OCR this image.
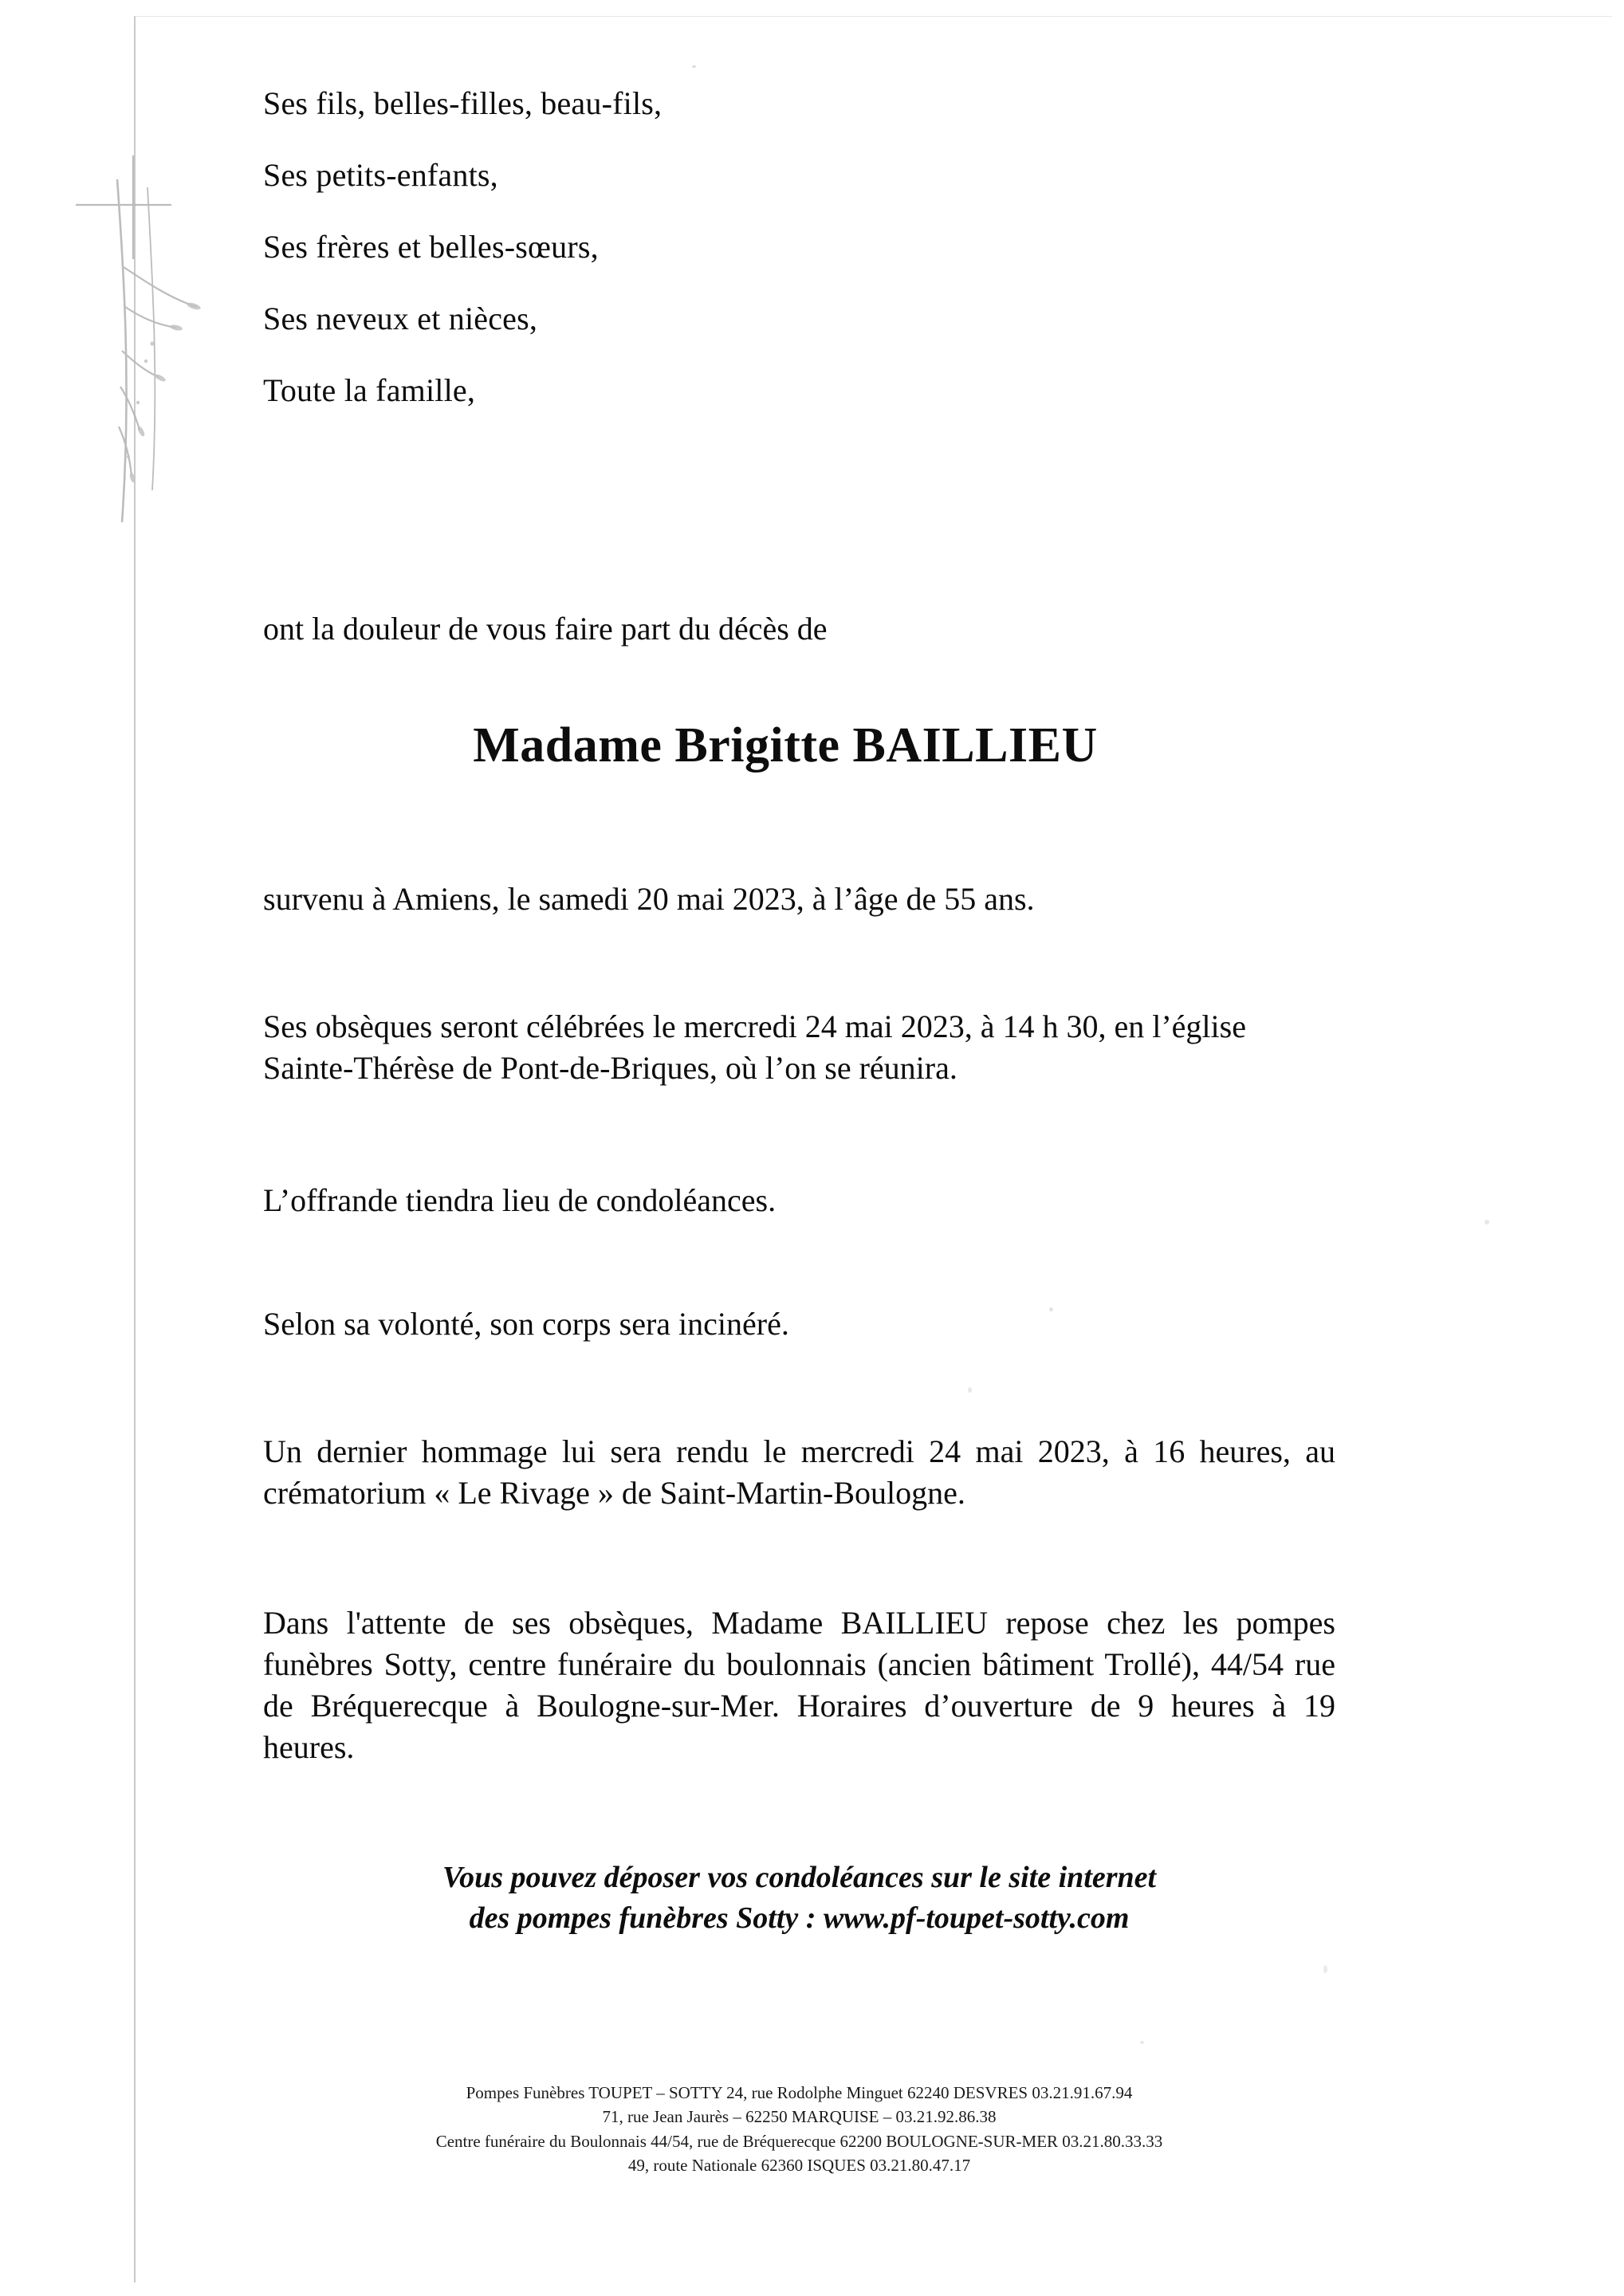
Ses fils, belles-filles, beau-fils,
Ses petits-enfants,
Ses frères et belles-sœurs,
Ses neveux et nièces,
Toute la famille,
ont la douleur de vous faire part du décès de
Madame Brigitte BAILLIEU
survenu à Amiens, le samedi 20 mai 2023, à l’âge de 55 ans.
Ses obsèques seront célébrées le mercredi 24 mai 2023, à 14 h 30, en l’église Sainte-Thérèse de Pont-de-Briques, où l’on se réunira.
L’offrande tiendra lieu de condoléances.
Selon sa volonté, son corps sera incinéré.
Un dernier hommage lui sera rendu le mercredi 24 mai 2023, à 16 heures, au crématorium « Le Rivage » de Saint-Martin-Boulogne.
Dans l'attente de ses obsèques, Madame BAILLIEU repose chez les pompes funèbres Sotty, centre funéraire du boulonnais (ancien bâtiment Trollé), 44/54 rue de Bréquerecque à Boulogne-sur-Mer. Horaires d’ouverture de 9 heures à 19 heures.
Vous pouvez déposer vos condoléances sur le site internet
des pompes funèbres Sotty : www.pf-toupet-sotty.com
Pompes Funèbres TOUPET – SOTTY 24, rue Rodolphe Minguet 62240 DESVRES 03.21.91.67.94
71, rue Jean Jaurès – 62250 MARQUISE – 03.21.92.86.38
Centre funéraire du Boulonnais 44/54, rue de Bréquerecque 62200 BOULOGNE-SUR-MER 03.21.80.33.33
49, route Nationale 62360 ISQUES 03.21.80.47.17
